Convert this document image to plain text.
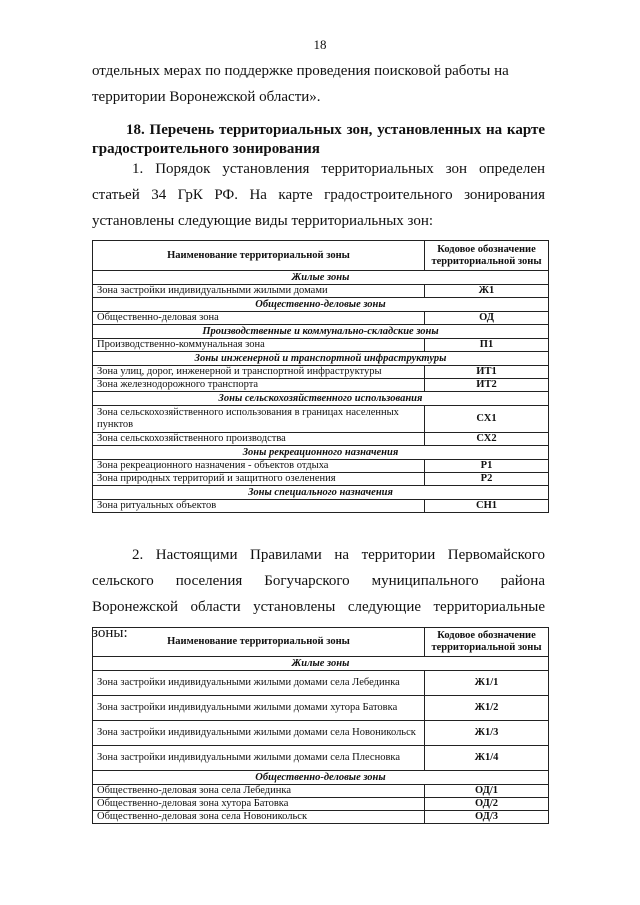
18

отдельных мерах по поддержке проведения поисковой работы на территории Воронежской области».

18. Перечень территориальных зон, установленных на карте градостроительного зонирования

1. Порядок установления территориальных зон определен статьей 34 ГрК РФ. На карте градостроительного зонирования установлены следующие виды территориальных зон:

Наименование территориальной зоны	Кодовое обозначение территориальной зоны
Жилые зоны	
Зона застройки индивидуальными жилыми домами	Ж1
Общественно-деловые зоны	
Общественно-деловая зона	ОД
Производственные и коммунально-складские зоны	
Производственно-коммунальная зона	П1
Зоны инженерной и транспортной инфраструктуры	
Зона улиц, дорог, инженерной и транспортной инфраструктуры	ИТ1
Зона железнодорожного транспорта	ИТ2
Зоны сельскохозяйственного использования	
Зона сельскохозяйственного использования в границах населенных пунктов	СХ1
Зона сельскохозяйственного производства	СХ2
Зоны рекреационного назначения	
Зона рекреационного назначения - объектов отдыха	Р1
Зона природных территорий и защитного озеленения	Р2
Зоны специального назначения	
Зона ритуальных объектов	СН1

2. Настоящими Правилами на территории Первомайского сельского поселения Богучарского муниципального района Воронежской области установлены следующие территориальные зоны:

Наименование территориальной зоны	Кодовое обозначение территориальной зоны
Жилые зоны	
Зона застройки индивидуальными жилыми домами села Лебединка	Ж1/1
Зона застройки индивидуальными жилыми домами хутора Батовка	Ж1/2
Зона застройки индивидуальными жилыми домами села Новоникольск	Ж1/3
Зона застройки индивидуальными жилыми домами села Плесновка	Ж1/4
Общественно-деловые зоны	
Общественно-деловая зона села Лебединка	ОД/1
Общественно-деловая зона хутора Батовка	ОД/2
Общественно-деловая зона села Новоникольск	ОД/3
